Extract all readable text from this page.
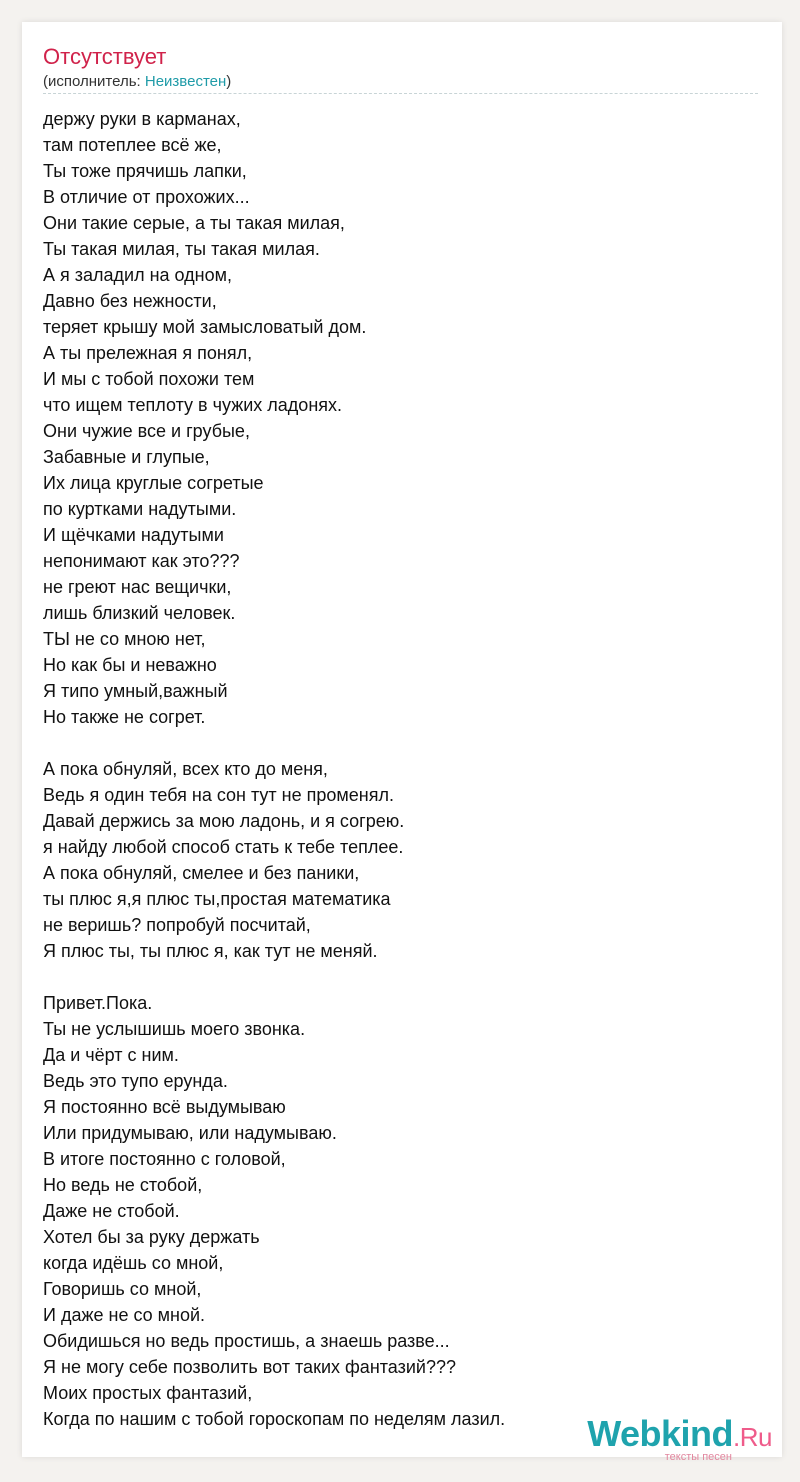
Отсутствует
(исполнитель: Неизвестен)
держу руки в карманах,
там потеплее всё же,
Ты тоже прячишь лапки,
В отличие от прохожих...
Они такие серые, а ты такая милая,
Ты такая милая, ты такая милая.
А я заладил на одном,
Давно без нежности,
теряет крышу мой замысловатый дом.
А ты прележная я понял,
И мы с тобой похожи тем
что ищем теплоту в чужих ладонях.
Они чужие все и грубые,
Забавные и глупые,
Их лица круглые согретые
по куртками надутыми.
И щёчками надутыми
непонимают как это???
не греют нас вещички,
лишь близкий человек.
ТЫ не со мною нет,
Но как бы и неважно
Я типо умный,важный
Но также не согрет.
А пока обнуляй, всех кто до меня,
Ведь я один тебя на сон тут не променял.
Давай держись за мою ладонь, и я согрею.
я найду любой способ стать к тебе теплее.
А пока обнуляй, смелее и без паники,
ты плюс я,я плюс ты,простая математика
не веришь? попробуй посчитай,
Я плюс ты, ты плюс я, как тут не меняй.
Привет.Пока.
Ты не услышишь моего звонка.
Да и чёрт с ним.
Ведь это тупо ерунда.
Я постоянно всё выдумываю
Или придумываю, или надумываю.
В итоге постоянно с головой,
Но ведь не стобой,
Даже не стобой.
Хотел бы за руку держать
когда идёшь со мной,
Говоришь со мной,
И даже не со мной.
Обидишься но ведь простишь, а знаешь разве...
Я не могу себе позволить вот таких фантазий???
Моих простых фантазий,
Когда по нашим с тобой гороскопам по неделям лазил.	Webkind.Ru
тексты песен
